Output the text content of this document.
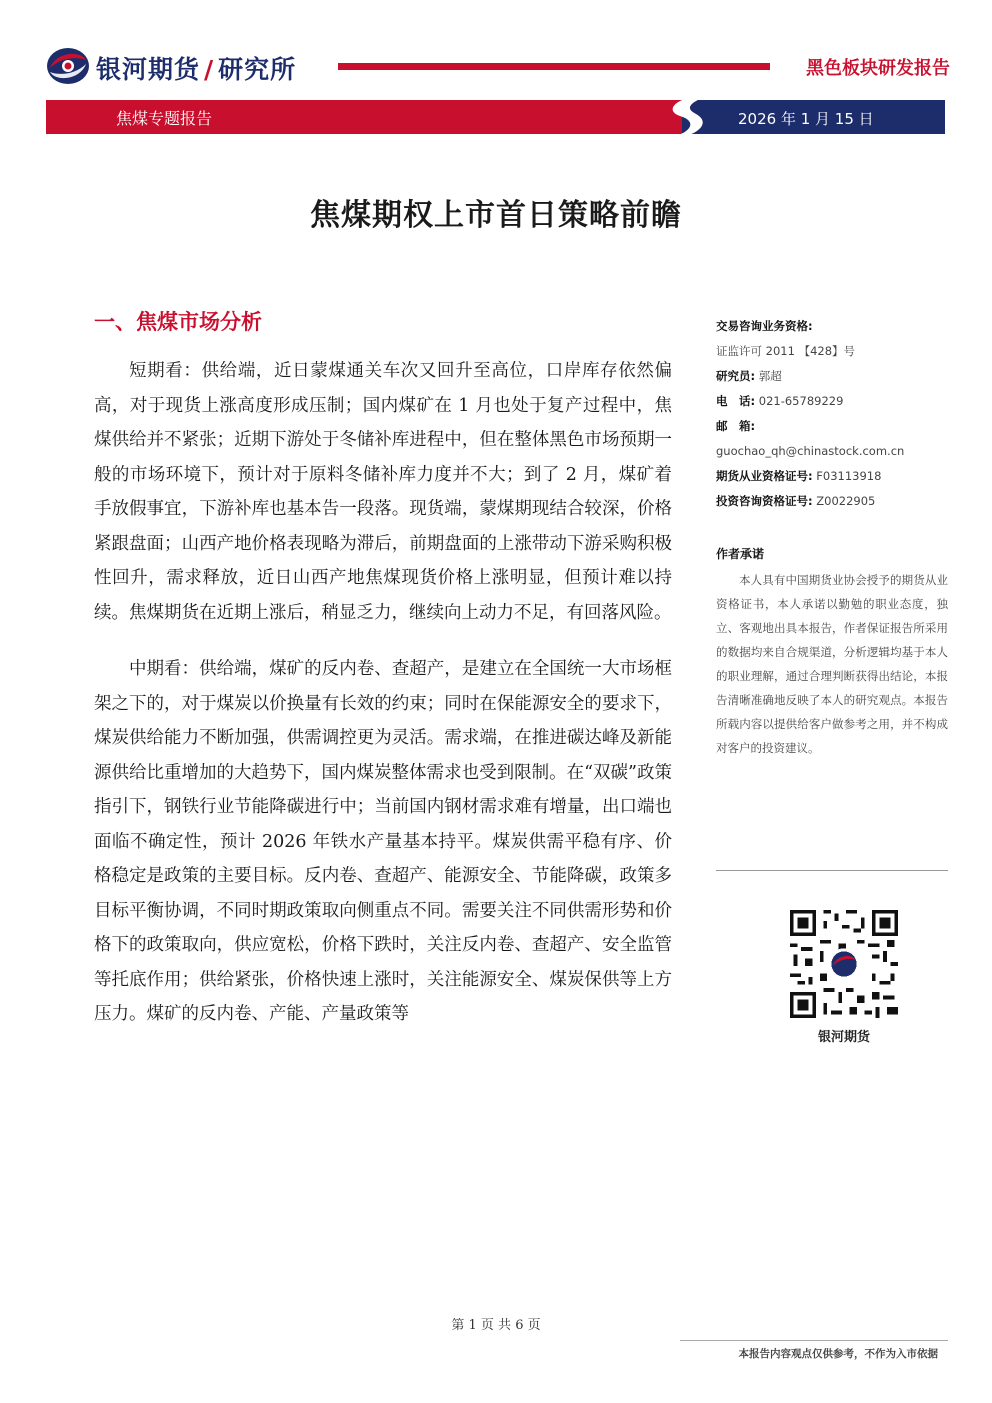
银河期货 / 研究所	黑色板块研发报告
焦煤专题报告	2026 年 1 月 15 日
焦煤期权上市首日策略前瞻
一、焦煤市场分析

短期看：供给端，近日蒙煤通关车次又回升至高位，口岸库存依然偏高，对于现货上涨高度形成压制；国内煤矿在 1 月也处于复产过程中，焦煤供给并不紧张；近期下游处于冬储补库进程中，但在整体黑色市场预期一般的市场环境下，预计对于原料冬储补库力度并不大；到了 2 月，煤矿着手放假事宜，下游补库也基本告一段落。现货端，蒙煤期现结合较深，价格紧跟盘面；山西产地价格表现略为滞后，前期盘面的上涨带动下游采购积极性回升，需求释放，近日山西产地焦煤现货价格上涨明显，但预计难以持续。焦煤期货在近期上涨后，稍显乏力，继续向上动力不足，有回落风险。

中期看：供给端，煤矿的反内卷、查超产，是建立在全国统一大市场框架之下的，对于煤炭以价换量有长效的约束；同时在保能源安全的要求下，煤炭供给能力不断加强，供需调控更为灵活。需求端，在推进碳达峰及新能源供给比重增加的大趋势下，国内煤炭整体需求也受到限制。在“双碳”政策指引下，钢铁行业节能降碳进行中；当前国内钢材需求难有增量，出口端也面临不确定性，预计 2026 年铁水产量基本持平。煤炭供需平稳有序、价格稳定是政策的主要目标。反内卷、查超产、能源安全、节能降碳，政策多目标平衡协调，不同时期政策取向侧重点不同。需要关注不同供需形势和价格下的政策取向，供应宽松，价格下跌时，关注反内卷、查超产、安全监管等托底作用；供给紧张，价格快速上涨时，关注能源安全、煤炭保供等上方压力。煤矿的反内卷、产能、产量政策等

交易咨询业务资格:
证监许可 2011 【428】号
研究员: 郭超
电　话: 021-65789229
邮　箱:
guochao_qh@chinastock.com.cn
期货从业资格证号: F03113918
投资咨询资格证号: Z0022905
作者承诺
本人具有中国期货业协会授予的期货从业资格证书，本人承诺以勤勉的职业态度，独立、客观地出具本报告，作者保证报告所采用的数据均来自合规渠道，分析逻辑均基于本人的职业理解，通过合理判断获得出结论，本报告清晰准确地反映了本人的研究观点。本报告所载内容以提供给客户做参考之用，并不构成对客户的投资建议。
银河期货
第 1 页 共 6 页
本报告内容观点仅供参考，不作为入市依据
